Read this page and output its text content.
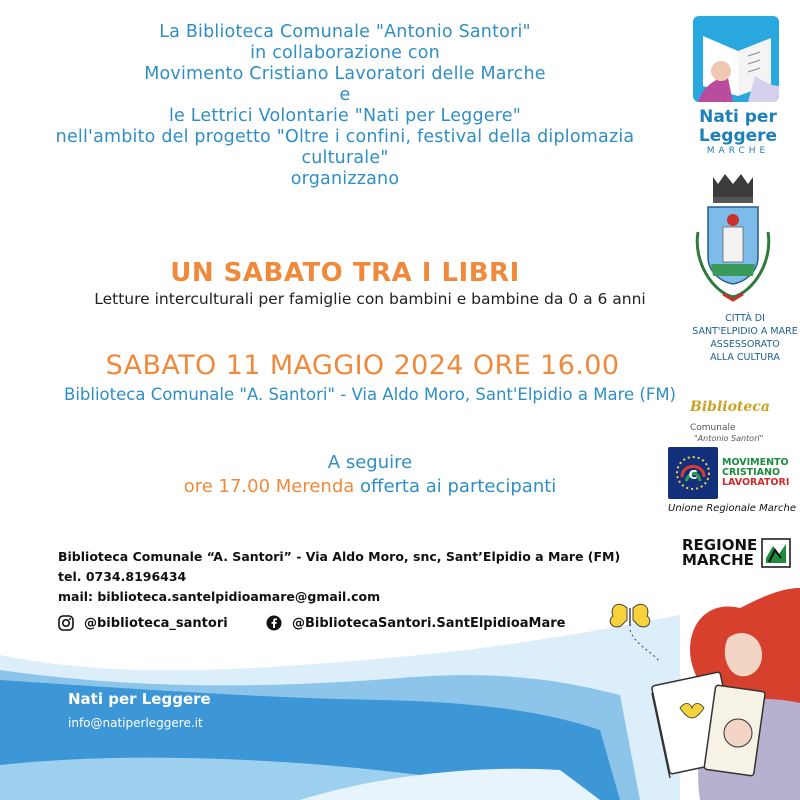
La Biblioteca Comunale "Antonio Santori"
in collaborazione con
Movimento Cristiano Lavoratori delle Marche
e
le Lettrici Volontarie "Nati per Leggere"
nell'ambito del progetto "Oltre i confini, festival della diplomazia
culturale"
organizzano
UN SABATO TRA I LIBRI
Letture interculturali per famiglie con bambini e bambine da 0 a 6 anni
SABATO 11 MAGGIO 2024 ORE 16.00
Biblioteca Comunale "A. Santori" - Via Aldo Moro, Sant'Elpidio a Mare (FM)
A seguire
ore 17.00 Merenda offerta ai partecipanti
Biblioteca Comunale “A. Santori” - Via Aldo Moro, snc, Sant’Elpidio a Mare (FM)
tel. 0734.8196434
mail: biblioteca.santelpidioamare@gmail.com
@biblioteca_santori	@BibliotecaSantori.SantElpidioaMare
Nati per Leggere
info@natiperleggere.it
Nati per
Leggere
MARCHE
CITTÀ DI
SANT'ELPIDIO A MARE
ASSESSORATO
ALLA CULTURA
Biblioteca Comunale
"Antonio Santori"
C
MOVIMENTO
CRISTIANO
LAVORATORI
Unione Regionale Marche
REGIONE
MARCHE
